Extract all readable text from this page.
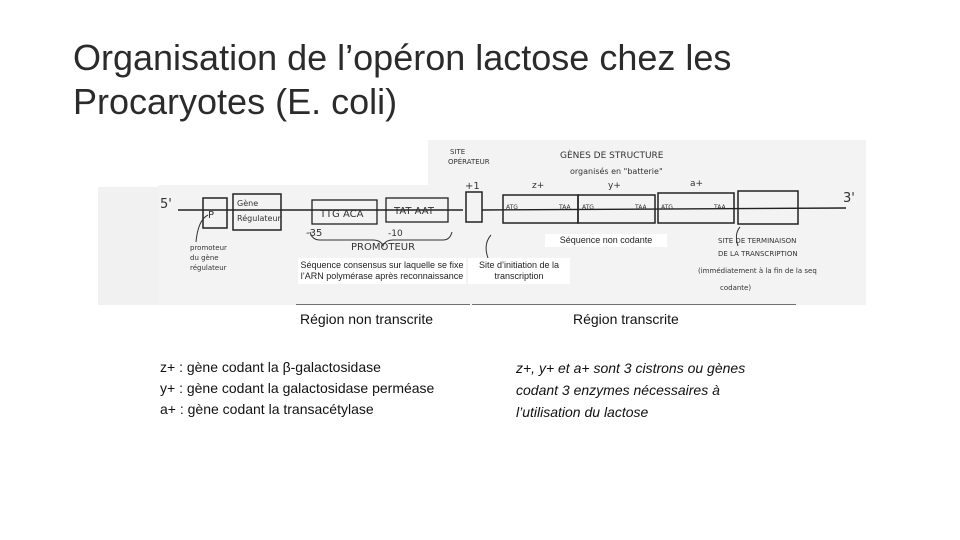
Organisation de l’opéron lactose chez les
Procaryotes (E. coli)
5'	3'
P
Gène
Régulateur	TTG ACA	TAT AAT
-35	-10
PROMOTEUR
+1
SITE
OPÉRATEUR
GÈNES DE STRUCTURE
organisés en "batterie"
z+	y+	a+
ATG	TAA ATG	TAA ATG	TAA
promoteur
du gène
régulateur
SITE DE TERMINAISON
DE LA TRANSCRIPTION
(immédiatement à la fin de la seq
codante)
Séquence non codante
Séquence consensus sur laquelle se fixe l’ARN polymérase après reconnaissance
Site d’initiation de la transcription
Région non transcrite	Région transcrite
z+ : gène codant la β-galactosidase
y+ : gène codant la galactosidase perméase
a+ : gène codant la transacétylase
z+, y+ et a+ sont 3 cistrons ou gènes codant 3 enzymes nécessaires à l’utilisation du lactose
